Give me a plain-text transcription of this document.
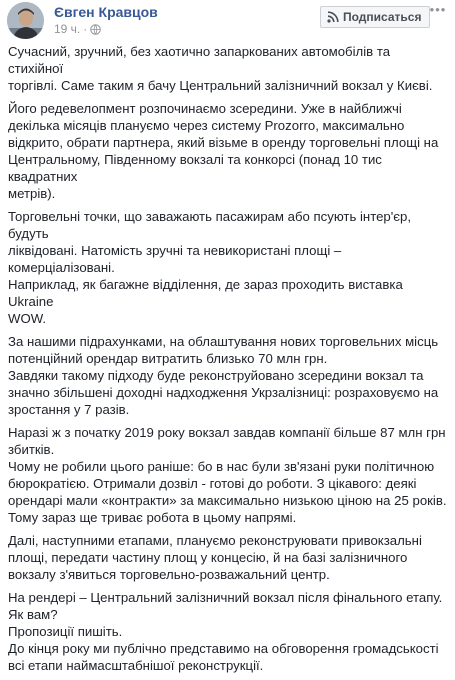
Євген Кравцов
19 ч. ·
Подписаться •••

Сучасний, зручний, без хаотично запаркованих автомобілів та стихійної
торгівлі. Саме таким я бачу Центральний залізничний вокзал у Києві.

Його редевелопмент розпочинаємо зсередини. Уже в найближчі
декілька місяців плануємо через систему Prozorro, максимально
відкрито, обрати партнера, який візьме в оренду торговельні площі на
Центральному, Південному вокзалі та конкорсі (понад 10 тис квадратних
метрів).

Торговельні точки, що заважають пасажирам або псують інтер'єр, будуть
ліквідовані. Натомість зручні та невикористані площі – комерціалізовані.
Наприклад, як багажне відділення, де зараз проходить виставка Ukraine
WOW.

За нашими підрахунками, на облаштування нових торговельних місць
потенційний орендар витратить близько 70 млн грн.
Завдяки такому підходу буде реконструйовано зсередини вокзал та
значно збільшені доходні надходження Укрзалізниці: розраховуємо на
зростання у 7 разів.

Наразі ж з початку 2019 року вокзал завдав компанії більше 87 млн грн
збитків.
Чому не робили цього раніше: бо в нас були зв'язані руки політичною
бюрократією. Отримали дозвіл - готові до роботи. З цікавого: деякі
орендарі мали «контракти» за максимально низькою ціною на 25 років.
Тому зараз ще триває робота в цьому напрямі.

Далі, наступними етапами, плануємо реконструювати привокзальні
площі, передати частину площ у концесію, й на базі залізничного
вокзалу з'явиться торговельно-розважальний центр.

На рендері – Центральний залізничний вокзал після фінального етапу.
Як вам?
Пропозиції пишіть.
До кінця року ми публічно представимо на обговорення громадськості
всі етапи наймасштабнішої реконструкції.
